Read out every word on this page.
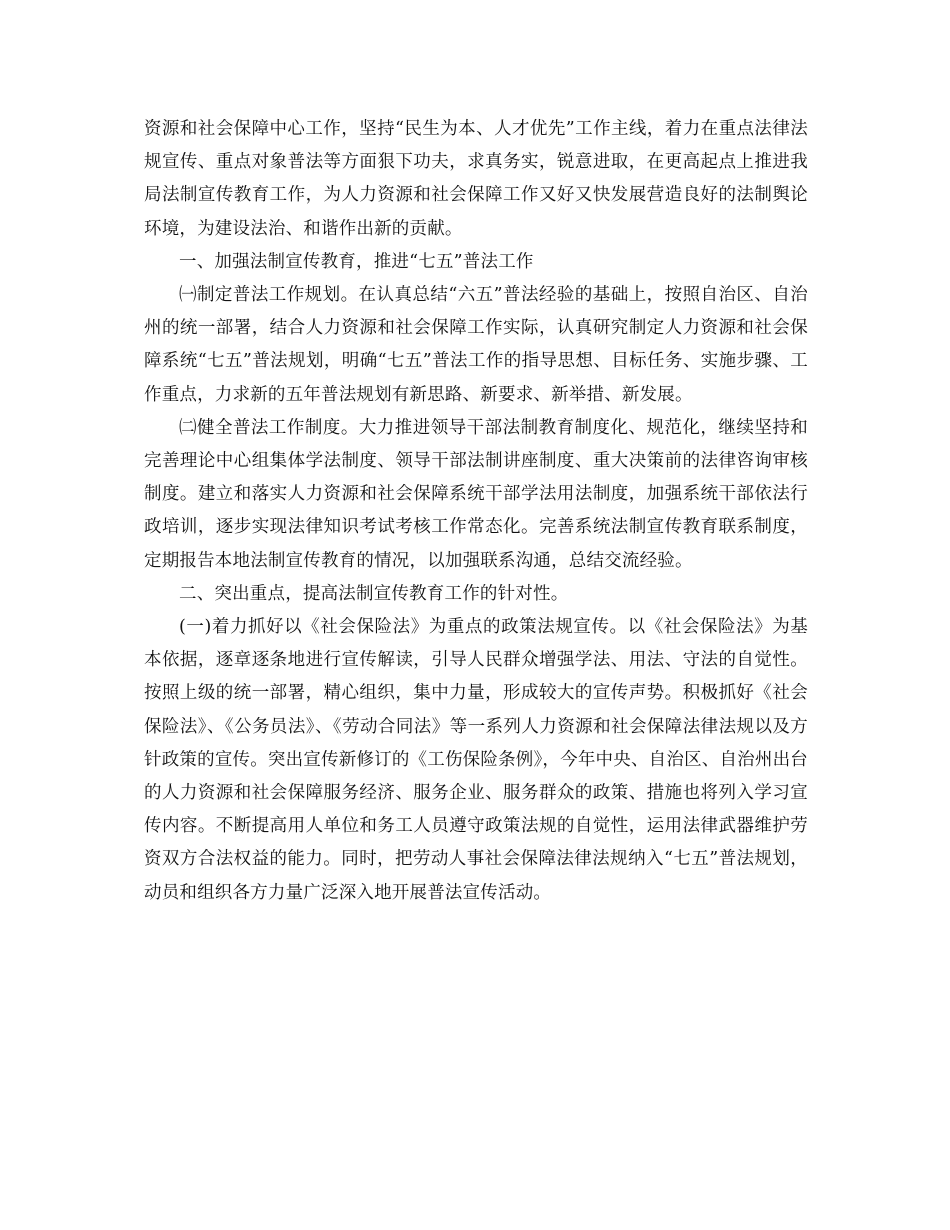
资源和社会保障中心工作，坚持“民生为本、人才优先”工作主线，着力在重点法律法规宣传、重点对象普法等方面狠下功夫，求真务实，锐意进取，在更高起点上推进我局法制宣传教育工作，为人力资源和社会保障工作又好又快发展营造良好的法制舆论环境，为建设法治、和谐作出新的贡献。

一、加强法制宣传教育，推进“七五”普法工作

㈠制定普法工作规划。在认真总结“六五”普法经验的基础上，按照自治区、自治州的统一部署，结合人力资源和社会保障工作实际，认真研究制定人力资源和社会保障系统“七五”普法规划，明确“七五”普法工作的指导思想、目标任务、实施步骤、工作重点，力求新的五年普法规划有新思路、新要求、新举措、新发展。

㈡健全普法工作制度。大力推进领导干部法制教育制度化、规范化，继续坚持和完善理论中心组集体学法制度、领导干部法制讲座制度、重大决策前的法律咨询审核制度。建立和落实人力资源和社会保障系统干部学法用法制度，加强系统干部依法行政培训，逐步实现法律知识考试考核工作常态化。完善系统法制宣传教育联系制度，定期报告本地法制宣传教育的情况，以加强联系沟通，总结交流经验。

二、突出重点，提高法制宣传教育工作的针对性。

(一)着力抓好以《社会保险法》为重点的政策法规宣传。以《社会保险法》为基本依据，逐章逐条地进行宣传解读，引导人民群众增强学法、用法、守法的自觉性。按照上级的统一部署，精心组织，集中力量，形成较大的宣传声势。积极抓好《社会保险法》、《公务员法》、《劳动合同法》等一系列人力资源和社会保障法律法规以及方针政策的宣传。突出宣传新修订的《工伤保险条例》，今年中央、自治区、自治州出台的人力资源和社会保障服务经济、服务企业、服务群众的政策、措施也将列入学习宣传内容。不断提高用人单位和务工人员遵守政策法规的自觉性，运用法律武器维护劳资双方合法权益的能力。同时，把劳动人事社会保障法律法规纳入“七五”普法规划，动员和组织各方力量广泛深入地开展普法宣传活动。
